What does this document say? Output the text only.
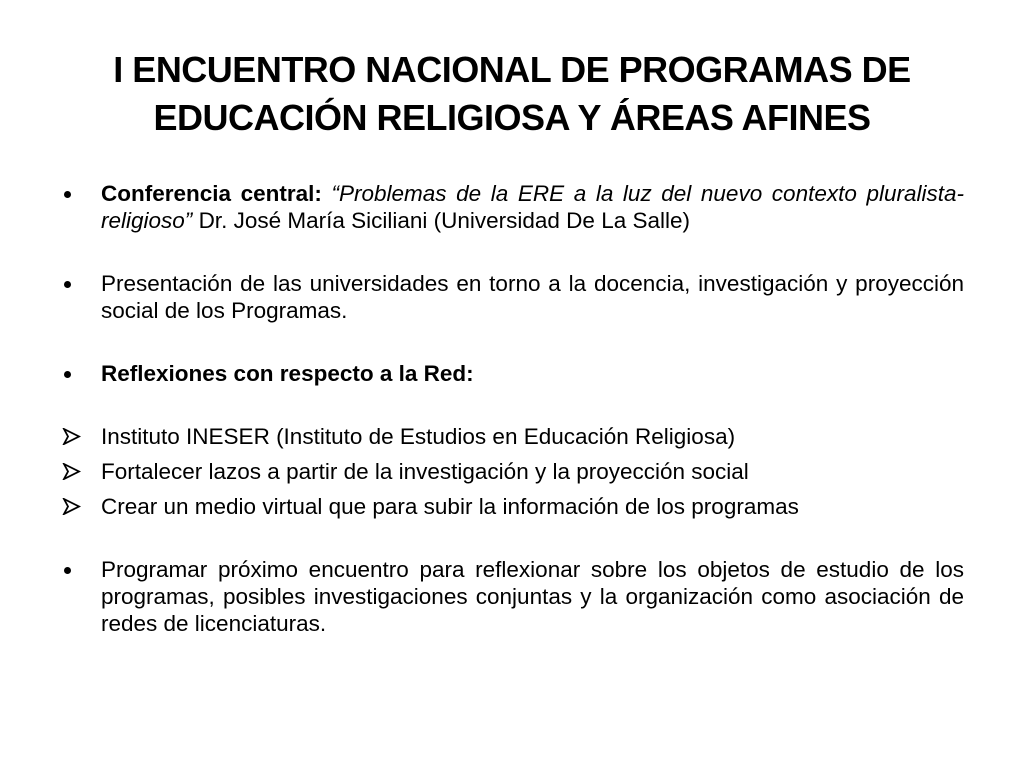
I ENCUENTRO NACIONAL DE PROGRAMAS DE
EDUCACIÓN RELIGIOSA Y ÁREAS AFINES
Conferencia central: “Problemas de la ERE a la luz del nuevo contexto pluralista-religioso” Dr. José María Siciliani (Universidad De La Salle)
Presentación de las universidades en torno a la docencia, investigación y proyección social de los Programas.
Reflexiones con respecto a la Red:
Instituto INESER (Instituto de Estudios en Educación Religiosa)
Fortalecer lazos a partir de la investigación y la proyección social
Crear un medio virtual que para subir la información de los programas
Programar próximo encuentro para reflexionar sobre los objetos de estudio de los programas, posibles investigaciones conjuntas y la organización como asociación de redes de licenciaturas.
